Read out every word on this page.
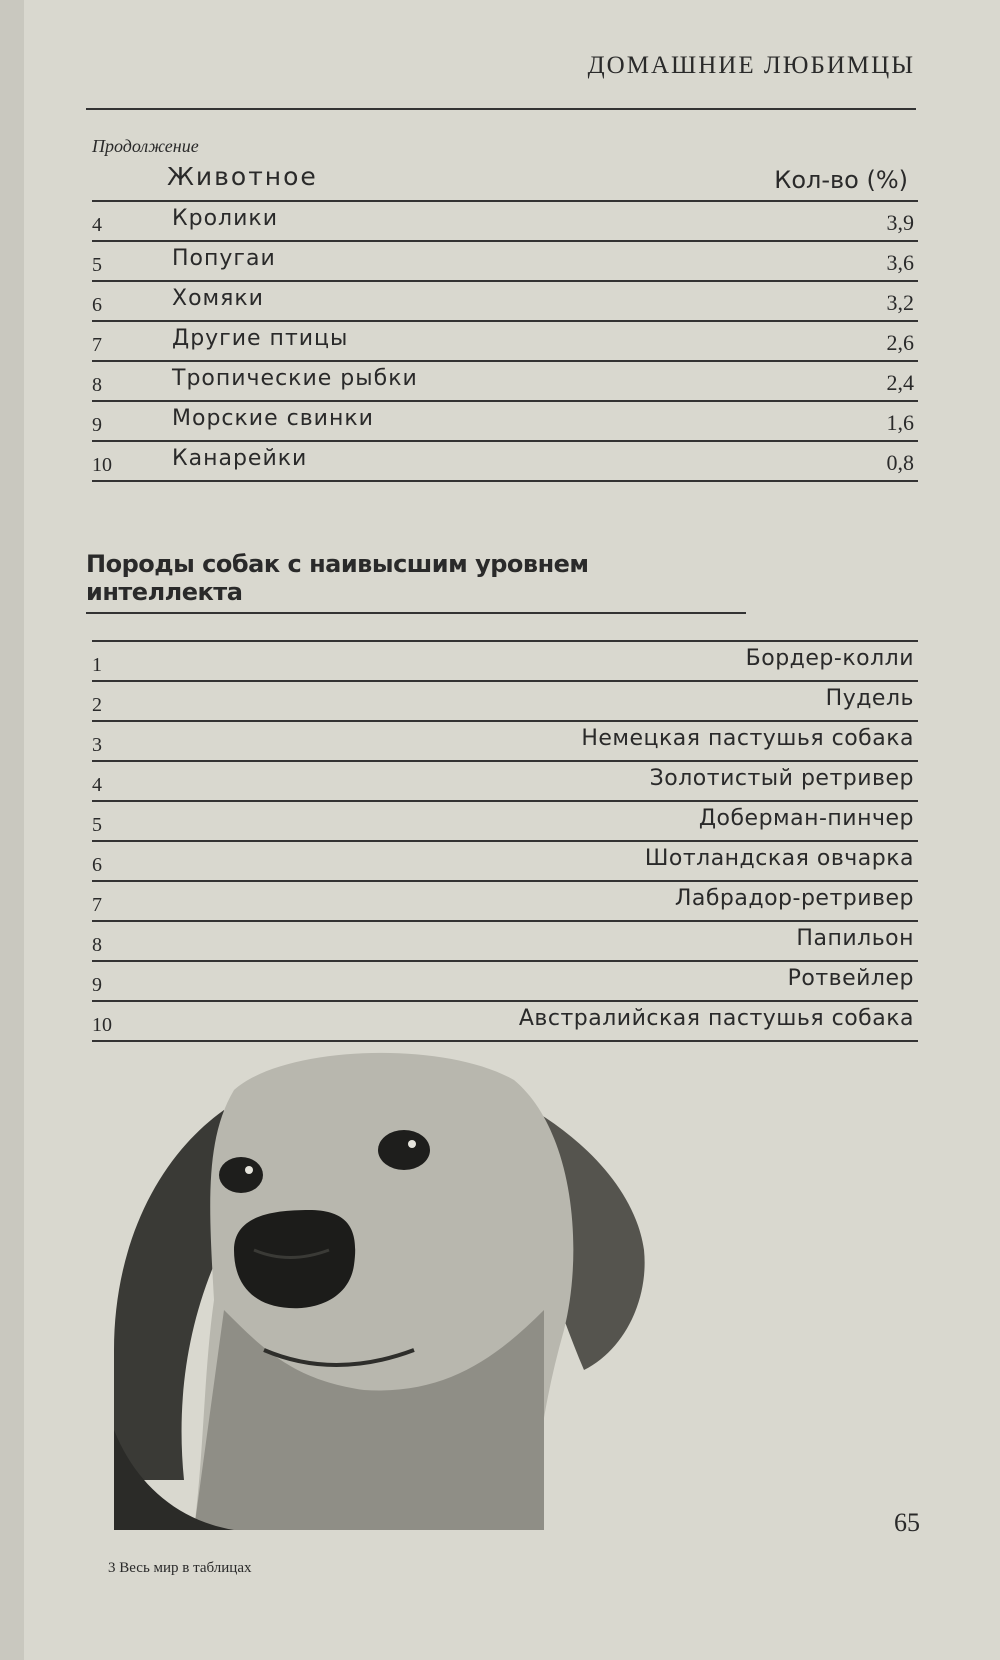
ДОМАШНИЕ ЛЮБИМЦЫ
Продолжение
Животное	Кол-во (%)
4	Кролики	3,9
5	Попугаи	3,6
6	Хомяки	3,2
7	Другие птицы	2,6
8	Тропические рыбки	2,4
9	Морские свинки	1,6
10	Канарейки	0,8
Породы собак с наивысшим уровнем интеллекта
1	Бордер-колли
2	Пудель
3	Немецкая пастушья собака
4	Золотистый ретривер
5	Доберман-пинчер
6	Шотландская овчарка
7	Лабрадор-ретривер
8	Папильон
9	Ротвейлер
10	Австралийская пастушья собака
65
3 Весь мир в таблицах
